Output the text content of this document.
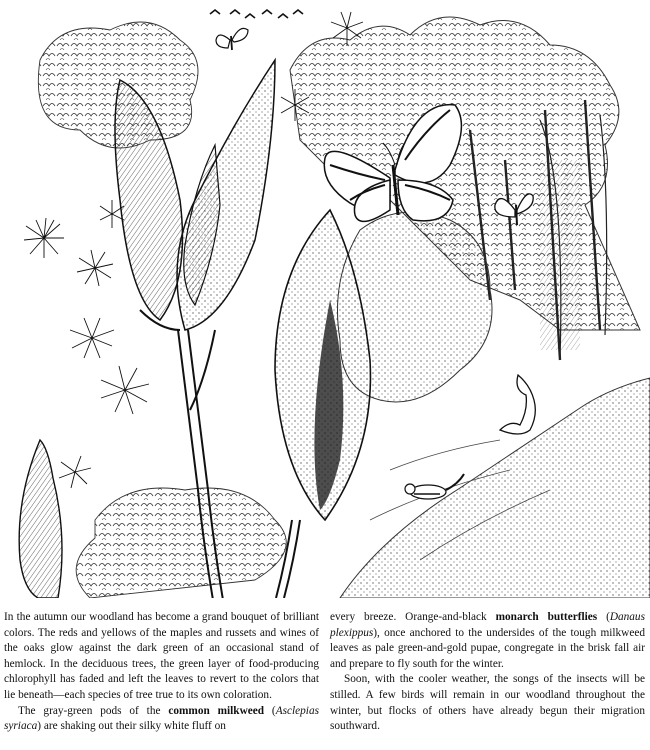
In the autumn our woodland has become a grand bouquet of brilliant colors. The reds and yellows of the maples and russets and wines of the oaks glow against the dark green of an occasional stand of hemlock. In the deciduous trees, the green layer of food-producing chlorophyll has faded and left the leaves to revert to the colors that lie beneath—each species of tree true to its own coloration.

The gray-green pods of the common milkweed (Asclepias syriaca) are shaking out their silky white fluff on

every breeze. Orange-and-black monarch butterflies (Danaus plexippus), once anchored to the undersides of the tough milkweed leaves as pale green-and-gold pupae, congregate in the brisk fall air and prepare to fly south for the winter.

Soon, with the cooler weather, the songs of the insects will be stilled. A few birds will remain in our woodland throughout the winter, but flocks of others have already begun their migration southward.
